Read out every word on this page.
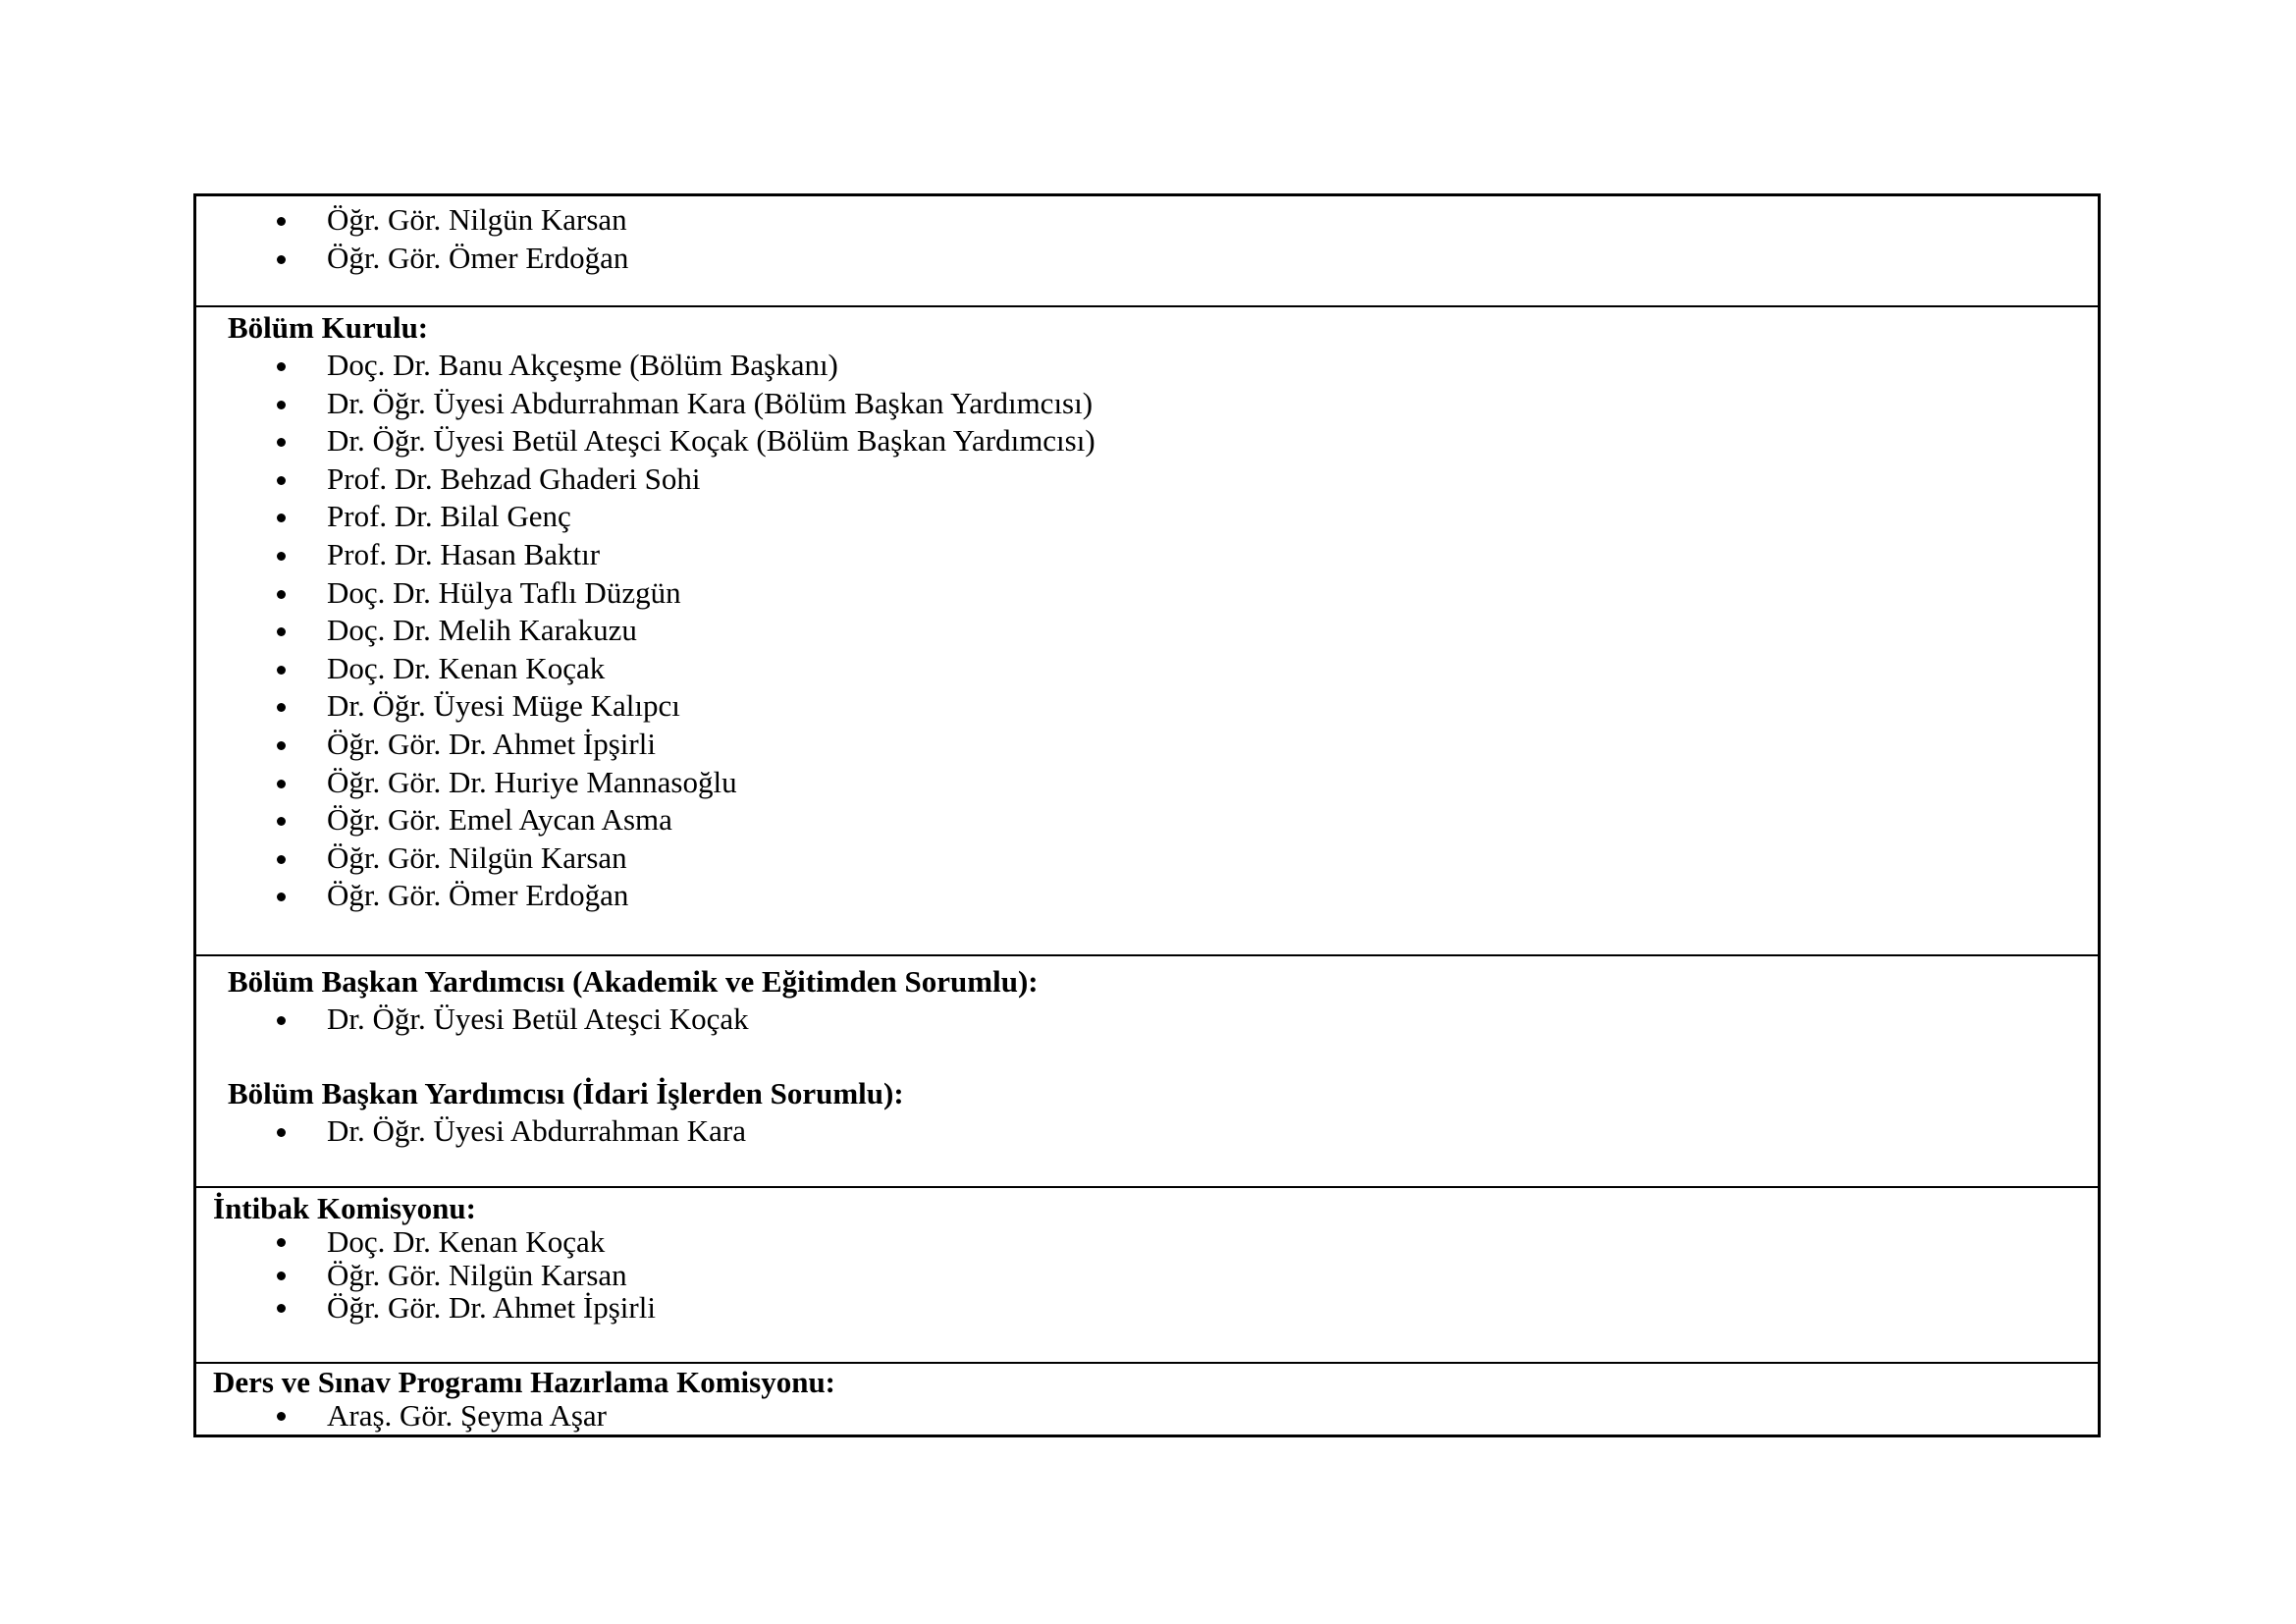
Öğr. Gör. Nilgün Karsan
Öğr. Gör. Ömer Erdoğan

Bölüm Kurulu:

Doç. Dr. Banu Akçeşme (Bölüm Başkanı)
Dr. Öğr. Üyesi Abdurrahman Kara (Bölüm Başkan Yardımcısı)
Dr. Öğr. Üyesi Betül Ateşci Koçak (Bölüm Başkan Yardımcısı)
Prof. Dr. Behzad Ghaderi Sohi
Prof. Dr. Bilal Genç
Prof. Dr. Hasan Baktır
Doç. Dr. Hülya Taflı Düzgün
Doç. Dr. Melih Karakuzu
Doç. Dr. Kenan Koçak
Dr. Öğr. Üyesi Müge Kalıpcı
Öğr. Gör. Dr. Ahmet İpşirli
Öğr. Gör. Dr. Huriye Mannasoğlu
Öğr. Gör. Emel Aycan Asma
Öğr. Gör. Nilgün Karsan
Öğr. Gör. Ömer Erdoğan

Bölüm Başkan Yardımcısı (Akademik ve Eğitimden Sorumlu):

Dr. Öğr. Üyesi Betül Ateşci Koçak

Bölüm Başkan Yardımcısı (İdari İşlerden Sorumlu):

Dr. Öğr. Üyesi Abdurrahman Kara

İntibak Komisyonu:

Doç. Dr. Kenan Koçak
Öğr. Gör. Nilgün Karsan
Öğr. Gör. Dr. Ahmet İpşirli

Ders ve Sınav Programı Hazırlama Komisyonu:

Araş. Gör. Şeyma Aşar
